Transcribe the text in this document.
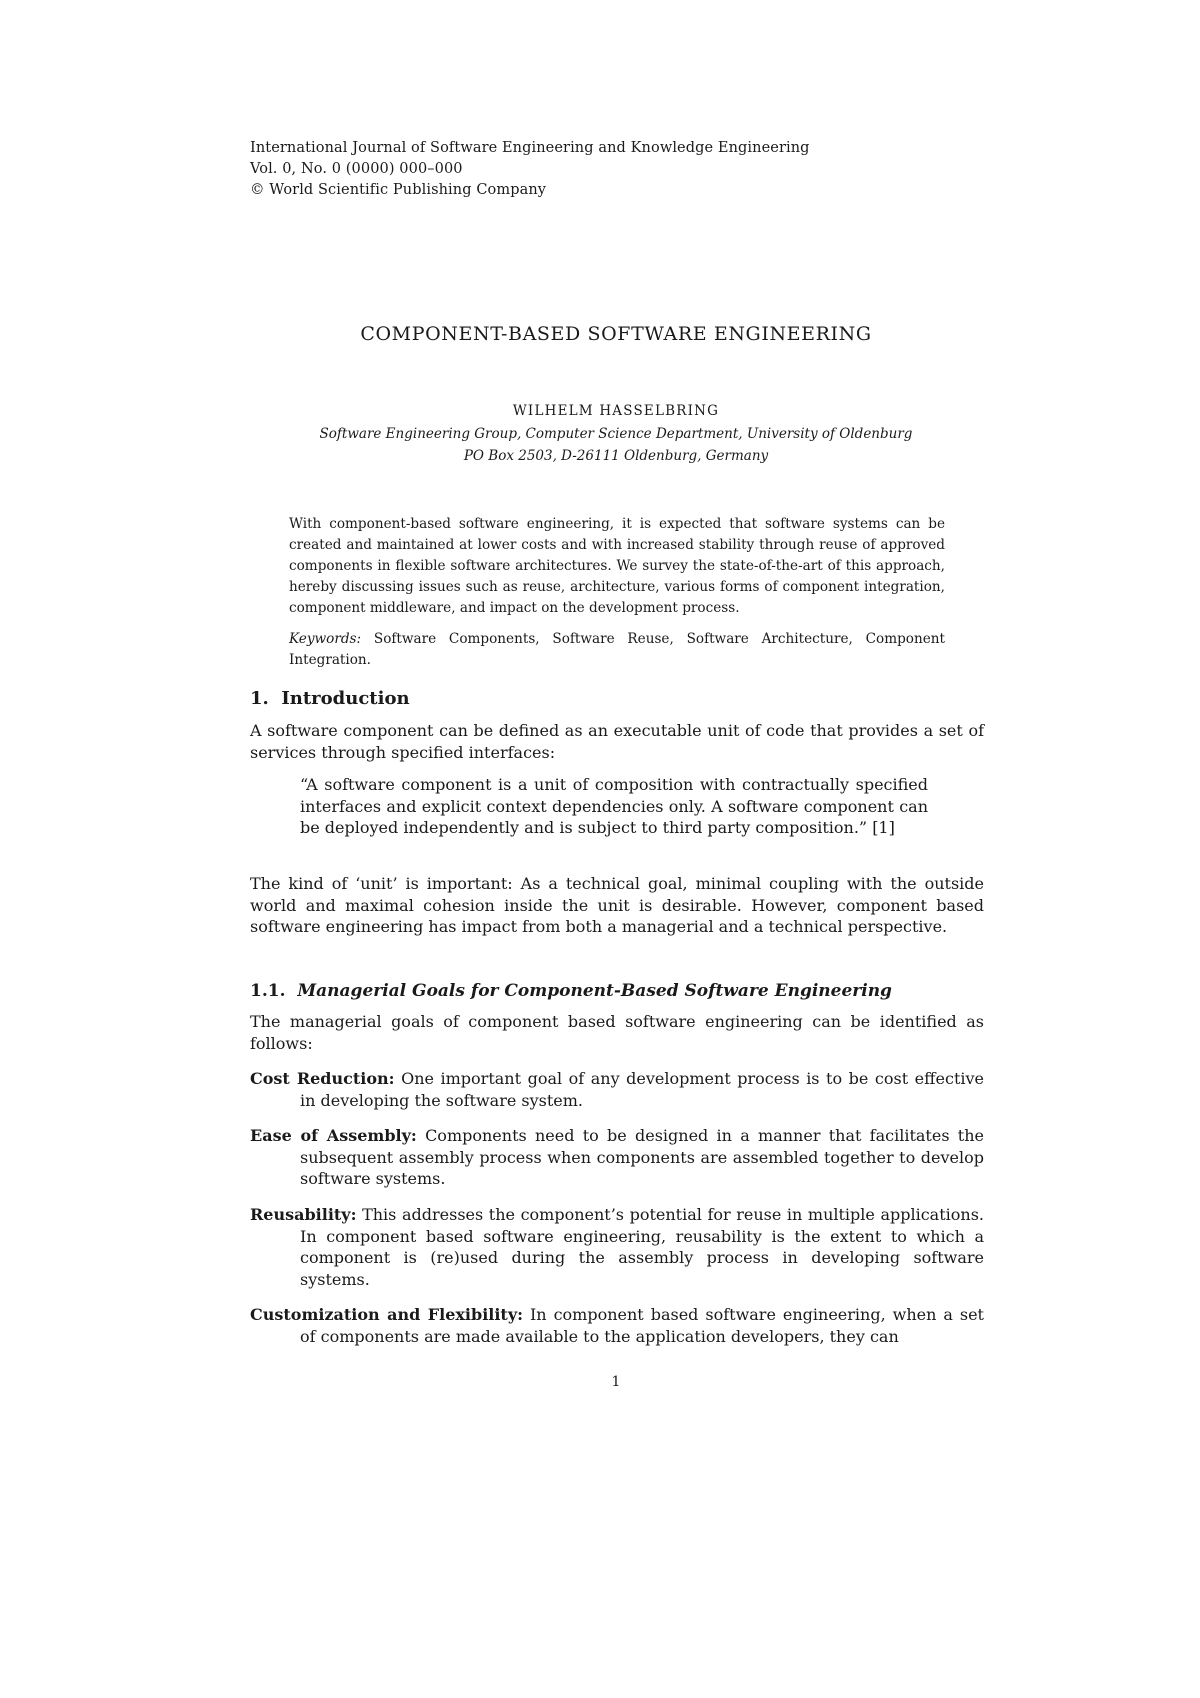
International Journal of Software Engineering and Knowledge Engineering
Vol. 0, No. 0 (0000) 000–000
© World Scientific Publishing Company
COMPONENT-BASED SOFTWARE ENGINEERING
WILHELM HASSELBRING
Software Engineering Group, Computer Science Department, University of Oldenburg
PO Box 2503, D-26111 Oldenburg, Germany
With component-based software engineering, it is expected that software systems can be created and maintained at lower costs and with increased stability through reuse of approved components in flexible software architectures. We survey the state-of-the-art of this approach, hereby discussing issues such as reuse, architecture, various forms of component integration, component middleware, and impact on the development process.
Keywords: Software Components, Software Reuse, Software Architecture, Component Integration.
1. Introduction
A software component can be defined as an executable unit of code that provides a set of services through specified interfaces:
“A software component is a unit of composition with contractually specified interfaces and explicit context dependencies only. A software component can be deployed independently and is subject to third party composition.” [1]
The kind of ‘unit’ is important: As a technical goal, minimal coupling with the outside world and maximal cohesion inside the unit is desirable. However, component based software engineering has impact from both a managerial and a technical perspective.
1.1. Managerial Goals for Component-Based Software Engineering
The managerial goals of component based software engineering can be identified as follows:
Cost Reduction: One important goal of any development process is to be cost effective in developing the software system.
Ease of Assembly: Components need to be designed in a manner that facilitates the subsequent assembly process when components are assembled together to develop software systems.
Reusability: This addresses the component’s potential for reuse in multiple applications. In component based software engineering, reusability is the extent to which a component is (re)used during the assembly process in developing software systems.
Customization and Flexibility: In component based software engineering, when a set of components are made available to the application developers, they can
1
